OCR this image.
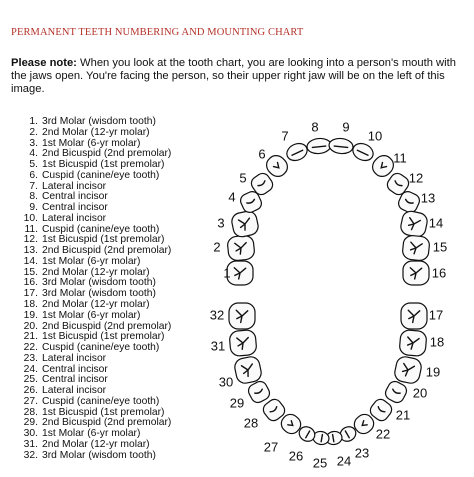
PERMANENT TEETH NUMBERING AND MOUNTING CHART
Please note: When you look at the tooth chart, you are looking into a person's mouth with the jaws open. You're facing the person, so their upper right jaw will be on the left of this image.
1. 3rd Molar (wisdom tooth)
2. 2nd Molar (12-yr molar)
3. 1st Molar (6-yr molar)
4. 2nd Bicuspid (2nd premolar)
5. 1st Bicuspid (1st premolar)
6. Cuspid (canine/eye tooth)
7. Lateral incisor
8. Central incisor
9. Central incisor
10. Lateral incisor
11. Cuspid (canine/eye tooth)
12. 1st Bicuspid (1st premolar)
13. 2nd Bicuspid (2nd premolar)
14. 1st Molar (6-yr molar)
15. 2nd Molar (12-yr molar)
16. 3rd Molar (wisdom tooth)
17. 3rd Molar (wisdom tooth)
18. 2nd Molar (12-yr molar)
19. 1st Molar (6-yr molar)
20. 2nd Bicuspid (2nd premolar)
21. 1st Bicuspid (1st premolar)
22. Cuspid (canine/eye tooth)
23. Lateral incisor
24. Central incisor
25. Central incisor
26. Lateral incisor
27. Cuspid (canine/eye tooth)
28. 1st Bicuspid (1st premolar)
29. 2nd Bicuspid (2nd premolar)
30. 1st Molar (6-yr molar)
31. 2nd Molar (12-yr molar)
32. 3rd Molar (wisdom tooth)
1
2
3
4
5
6
7
8 9
10
11
12
13
14
15
16
17
18
19
20
21
22
23
24
25
26
27
28
29
30
31
32
